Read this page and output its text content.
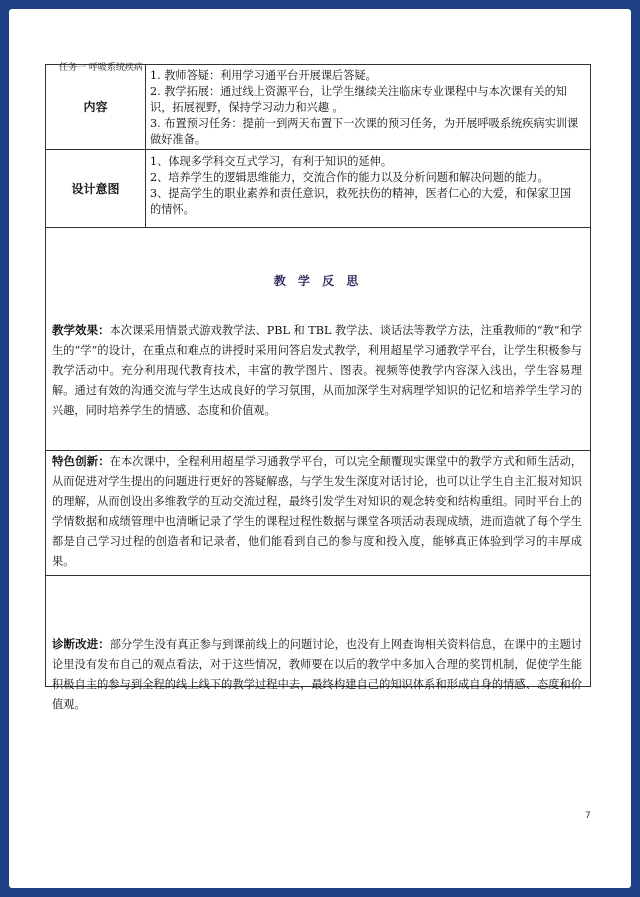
任务一 呼吸系统疾病
内容

1. 教师答疑：利用学习通平台开展课后答疑。

2. 教学拓展：通过线上资源平台，让学生继续关注临床专业课程中与本次课有关的知识，拓展视野，保持学习动力和兴趣 。

3. 布置预习任务：提前一到两天布置下一次课的预习任务，为开展呼吸系统疾病实训课做好准备。

设计意图

1、体现多学科交互式学习，有利于知识的延伸。

2、培养学生的逻辑思维能力，交流合作的能力以及分析问题和解决问题的能力。

3、提高学生的职业素养和责任意识，救死扶伤的精神，医者仁心的大爱，和保家卫国的情怀。

教 学 反 思
教学效果：本次课采用情景式游戏教学法、PBL 和 TBL 教学法、谈话法等教学方法，注重教师的“教”和学生的“学”的设计，在重点和难点的讲授时采用问答启发式教学，利用超星学习通教学平台，让学生积极参与教学活动中。充分利用现代教育技术，丰富的教学图片、图表。视频等使教学内容深入浅出，学生容易理解。通过有效的沟通交流与学生达成良好的学习氛围，从而加深学生对病理学知识的记忆和培养学生学习的兴趣，同时培养学生的情感、态度和价值观。
特色创新：在本次课中，全程利用超星学习通教学平台，可以完全颠覆现实课堂中的教学方式和师生活动，从而促进对学生提出的问题进行更好的答疑解惑，与学生发生深度对话讨论，也可以让学生自主汇报对知识的理解，从而创设出多维教学的互动交流过程，最终引发学生对知识的观念转变和结构重组。同时平台上的学情数据和成绩管理中也清晰记录了学生的课程过程性数据与课堂各项活动表现成绩，进而造就了每个学生都是自己学习过程的创造者和记录者，他们能看到自己的参与度和投入度，能够真正体验到学习的丰厚成果。
诊断改进：部分学生没有真正参与到课前线上的问题讨论，也没有上网查询相关资料信息，在课中的主题讨论里没有发布自己的观点看法，对于这些情况，教师要在以后的教学中多加入合理的奖罚机制，促使学生能积极自主的参与到全程的线上线下的教学过程中去，最终构建自己的知识体系和形成自身的情感、态度和价值观。
7
